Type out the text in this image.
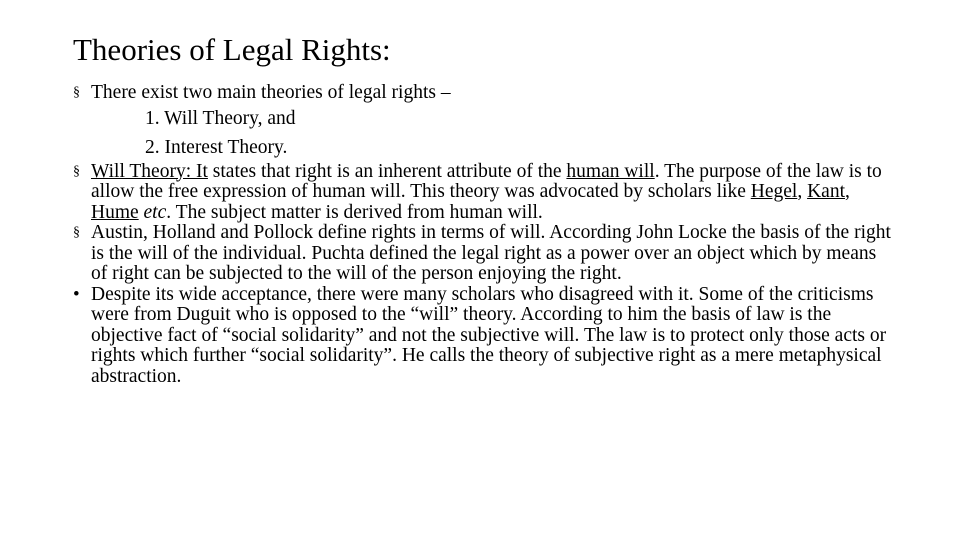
Theories of Legal Rights:
§ There exist two main theories of legal rights –
1. Will Theory, and
2. Interest Theory.
§ Will Theory: It states that right is an inherent attribute of the human will. The purpose of the law is to allow the free expression of human will. This theory was advocated by scholars like Hegel, Kant, Hume etc. The subject matter is derived from human will.
§ Austin, Holland and Pollock define rights in terms of will. According John Locke the basis of the right is the will of the individual. Puchta defined the legal right as a power over an object which by means of right can be subjected to the will of the person enjoying the right.
• Despite its wide acceptance, there were many scholars who disagreed with it. Some of the criticisms were from Duguit who is opposed to the “will” theory. According to him the basis of law is the objective fact of “social solidarity” and not the subjective will. The law is to protect only those acts or rights which further “social solidarity”. He calls the theory of subjective right as a mere metaphysical abstraction.
